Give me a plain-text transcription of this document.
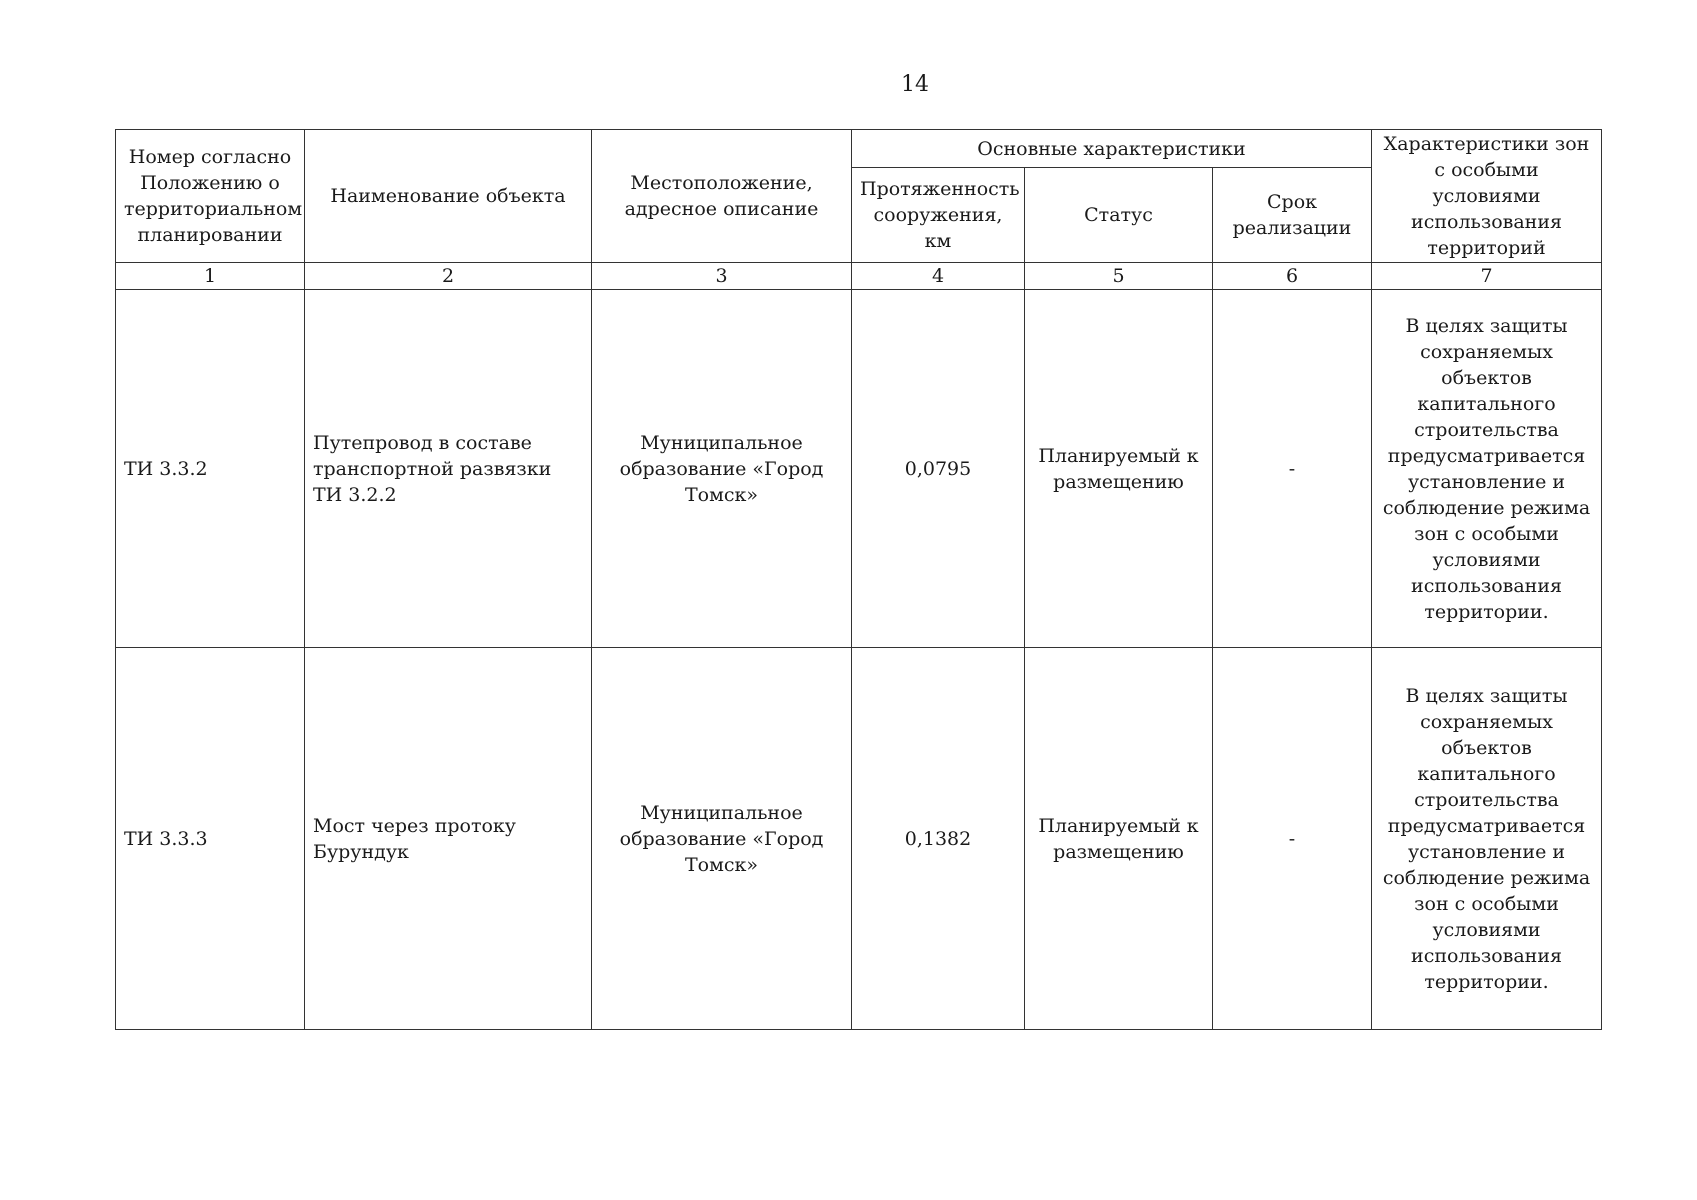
14
Номер согласно Положению о территориальном планировании	Наименование объекта	Местоположение, адресное описание	Основные характеристики			Характеристики зон с особыми условиями использования территорий
			Протяженность сооружения, км	Статус	Срок реализации	
1	2	3	4	5	6	7
ТИ 3.3.2	Путепровод в составе транспортной развязки ТИ 3.2.2	Муниципальное образование «Город Томск»	0,0795	Планируемый к размещению	-	В целях защиты сохраняемых объектов капитального строительства предусматривается установление и соблюдение режима зон с особыми условиями использования территории.
ТИ 3.3.3	Мост через протоку Бурундук	Муниципальное образование «Город Томск»	0,1382	Планируемый к размещению	-	В целях защиты сохраняемых объектов капитального строительства предусматривается установление и соблюдение режима зон с особыми условиями использования территории.
